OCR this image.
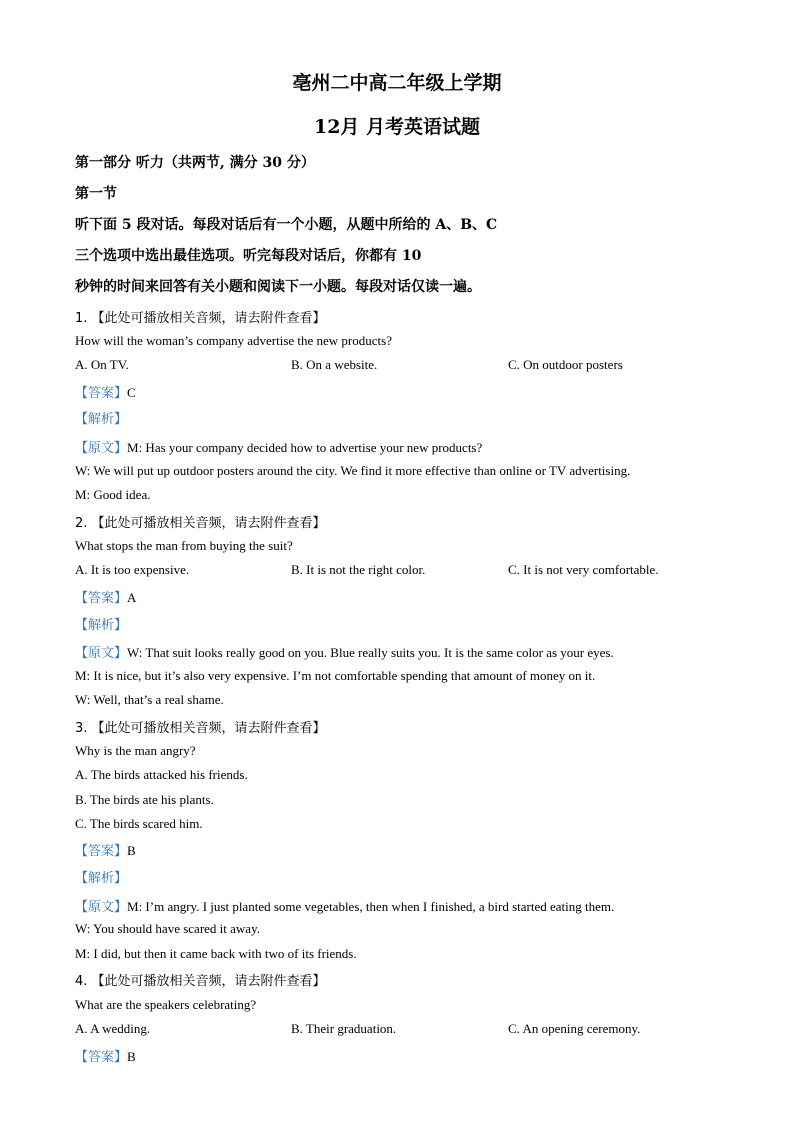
亳州二中高二年级上学期
12月 月考英语试题
第一部分 听力（共两节, 满分 30 分）
第一节
听下面 5 段对话。每段对话后有一个小题，从题中所给的 A、B、C
三个选项中选出最佳选项。听完每段对话后，你都有 10
秒钟的时间来回答有关小题和阅读下一小题。每段对话仅读一遍。
1. 【此处可播放相关音频，请去附件查看】
How will the woman’s company advertise the new products?
A. On TV.	B. On a website.	C. On outdoor posters
【答案】C
【解析】
【原文】M: Has your company decided how to advertise your new products?
W: We will put up outdoor posters around the city. We find it more effective than online or TV advertising.
M: Good idea.
2. 【此处可播放相关音频，请去附件查看】
What stops the man from buying the suit?
A. It is too expensive.	B. It is not the right color.	C. It is not very comfortable.
【答案】A
【解析】
【原文】W: That suit looks really good on you. Blue really suits you. It is the same color as your eyes.
M: It is nice, but it’s also very expensive. I’m not comfortable spending that amount of money on it.
W: Well, that’s a real shame.
3. 【此处可播放相关音频，请去附件查看】
Why is the man angry?
A. The birds attacked his friends.
B. The birds ate his plants.
C. The birds scared him.
【答案】B
【解析】
【原文】M: I’m angry. I just planted some vegetables, then when I finished, a bird started eating them.
W: You should have scared it away.
M: I did, but then it came back with two of its friends.
4. 【此处可播放相关音频，请去附件查看】
What are the speakers celebrating?
A. A wedding.	B. Their graduation.	C. An opening ceremony.
【答案】B
